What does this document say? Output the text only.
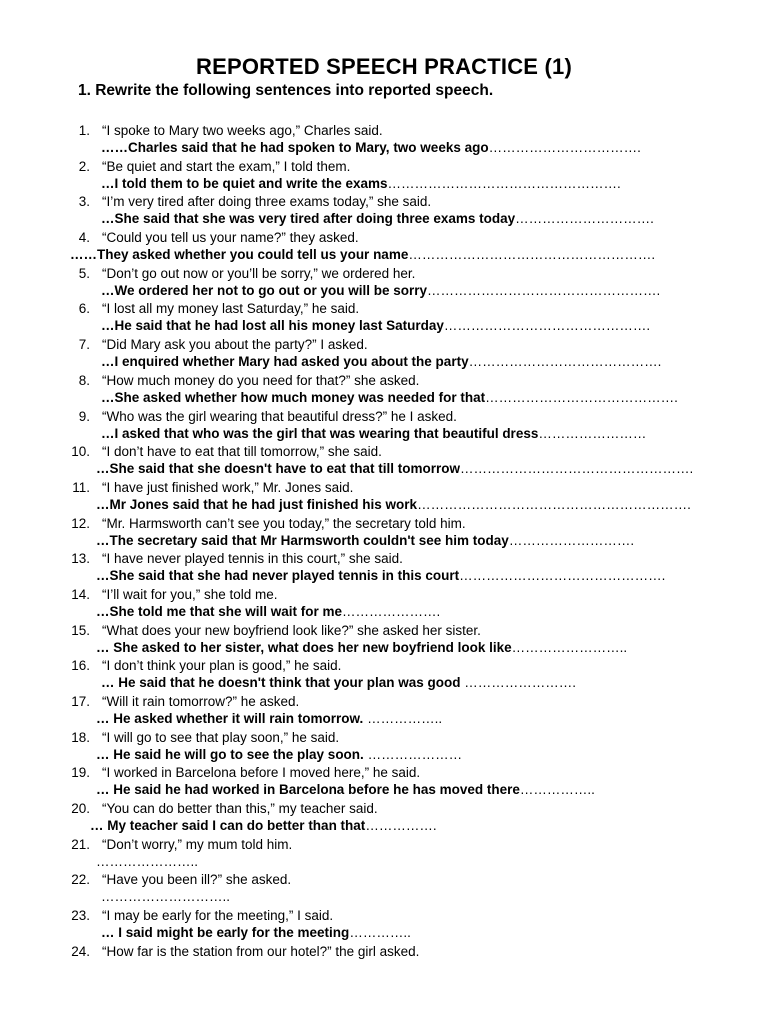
REPORTED SPEECH PRACTICE (1)
1. Rewrite the following sentences into reported speech.
1. “I spoke to Mary two weeks ago,” Charles said.
……Charles said that he had spoken to Mary, two weeks ago…………………………….
2. “Be quiet and start the exam,” I told them.
…I told them to be quiet and write the exams…………………………………………….
3. “I’m very tired after doing three exams today,” she said.
…She said that she was very tired after doing three exams today………………………….
4. “Could you tell us your name?” they asked.
……They asked whether you could tell us your name……………………………………………….
5. “Don’t go out now or you’ll be sorry,” we ordered her.
…We ordered her not to go out or you will be sorry…………………………………………….
6. “I lost all my money last Saturday,” he said.
…He said that he had lost all his money last Saturday……………………………………….
7. “Did Mary ask you about the party?” I asked.
…I enquired whether Mary had asked you about the party…………………………………….
8. “How much money do you need for that?” she asked.
…She asked whether how much money was needed for that…………………………………….
9. “Who was the girl wearing that beautiful dress?” he I asked.
…I asked that who was the girl that was wearing that beautiful dress……………………
10. “I don’t have to eat that till tomorrow,” she said.
…She said that she doesn't have to eat that till tomorrow…………………………………………….
11. “I have just finished work,” Mr. Jones said.
…Mr Jones said that he had just finished his work…………………………………………………….
12. “Mr. Harmsworth can’t see you today,” the secretary told him.
…The secretary said that Mr Harmsworth couldn't see him today……………………….
13. “I have never played tennis in this court,” she said.
…She said that she had never played tennis in this court……………………………………….
14. “I’ll wait for you,” she told me.
…She told me that she will wait for me………………….
15. “What does your new boyfriend look like?” she asked her sister.
… She asked to her sister, what does her new boyfriend look like……………………..
16. “I don’t think your plan is good,” he said.
… He said that he doesn't think that your plan was good …………………….
17. “Will it rain tomorrow?” he asked.
… He asked whether it will rain tomorrow. ……………..
18. “I will go to see that play soon,” he said.
… He said he will go to see the play soon. …………………
19. “I worked in Barcelona before I moved here,” he said.
… He said he had worked in Barcelona before he has moved there……………..
20. “You can do better than this,” my teacher said.
… My teacher said I can do better than that…………….
21. “Don’t worry,” my mum told him.
…………………..
22. “Have you been ill?” she asked.
………………………..
23. “I may be early for the meeting,” I said.
… I said might be early for the meeting…………..
24. “How far is the station from our hotel?” the girl asked.
